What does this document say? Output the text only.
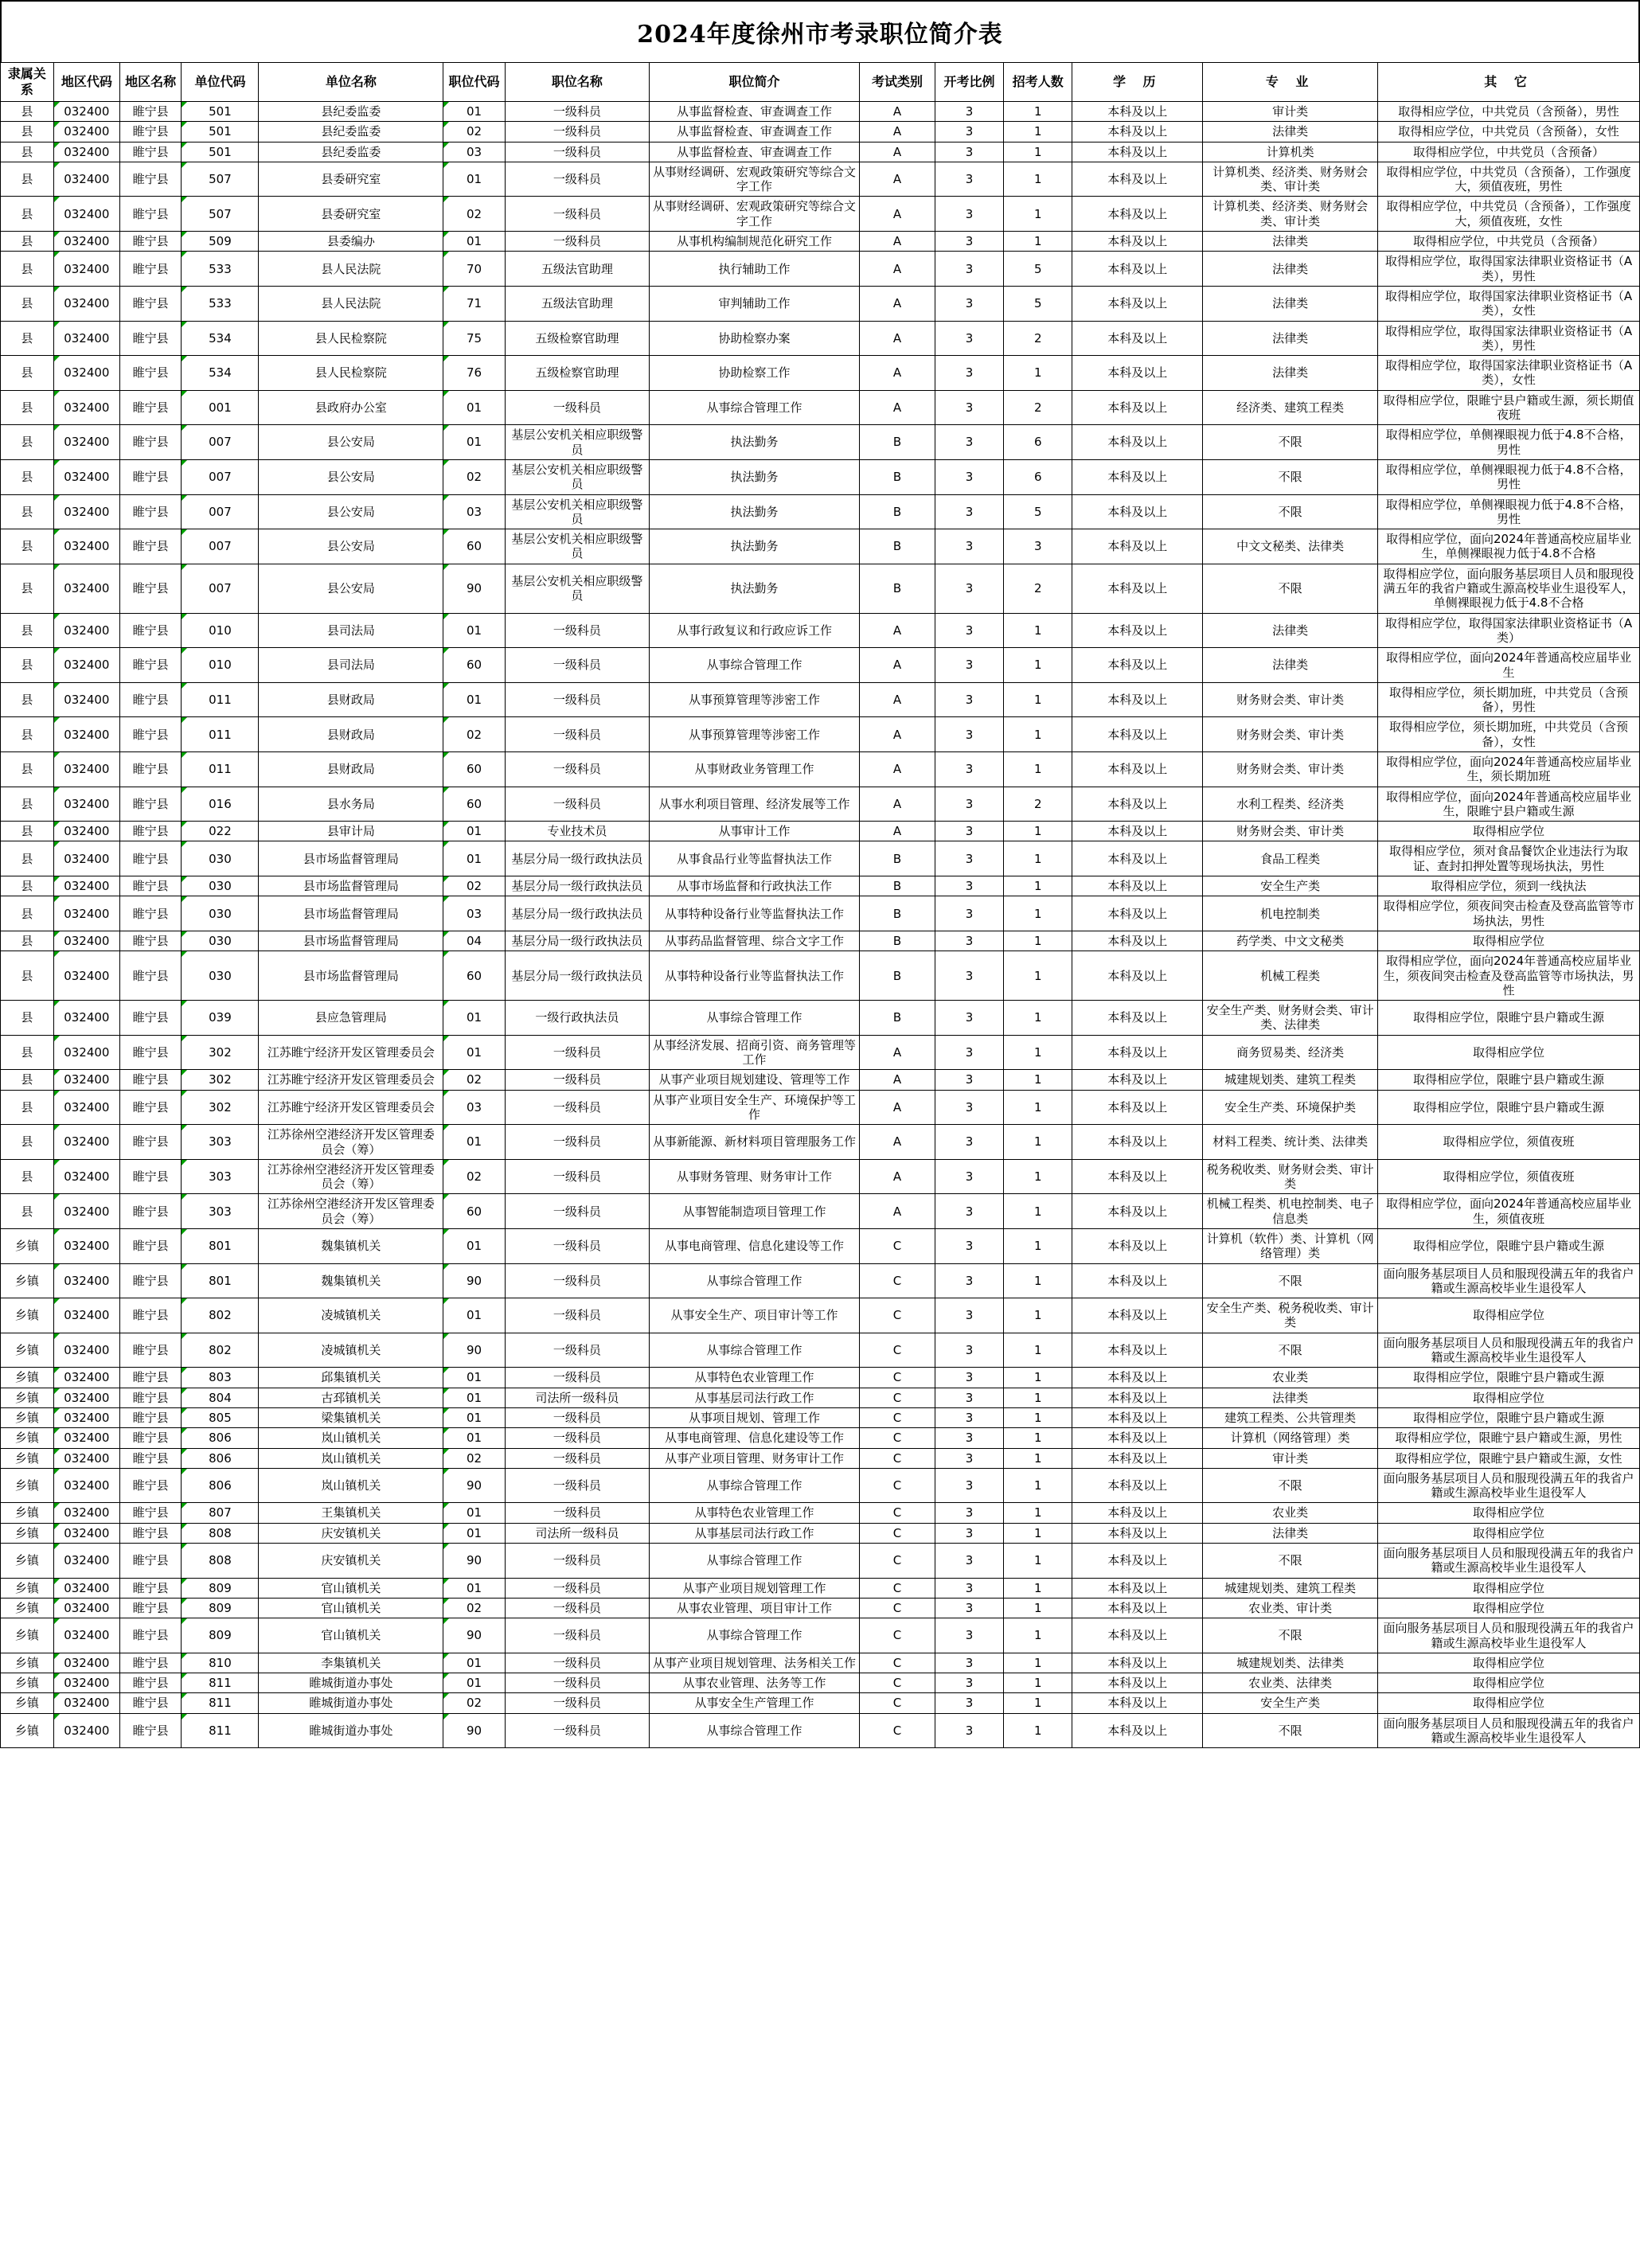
2024年度徐州市考录职位简介表
隶属关系	地区代码	地区名称	单位代码	单位名称	职位代码	职位名称	职位简介	考试类别	开考比例	招考人数	学 历	专 业	其 它
县	032400	睢宁县	501	县纪委监委	01	一级科员	从事监督检查、审查调查工作	A	3	1	本科及以上	审计类	取得相应学位，中共党员（含预备），男性
县	032400	睢宁县	501	县纪委监委	02	一级科员	从事监督检查、审查调查工作	A	3	1	本科及以上	法律类	取得相应学位，中共党员（含预备），女性
县	032400	睢宁县	501	县纪委监委	03	一级科员	从事监督检查、审查调查工作	A	3	1	本科及以上	计算机类	取得相应学位，中共党员（含预备）
县	032400	睢宁县	507	县委研究室	01	一级科员	从事财经调研、宏观政策研究等综合文字工作	A	3	1	本科及以上	计算机类、经济类、财务财会类、审计类	取得相应学位，中共党员（含预备），工作强度大，须值夜班，男性
县	032400	睢宁县	507	县委研究室	02	一级科员	从事财经调研、宏观政策研究等综合文字工作	A	3	1	本科及以上	计算机类、经济类、财务财会类、审计类	取得相应学位，中共党员（含预备），工作强度大，须值夜班，女性
县	032400	睢宁县	509	县委编办	01	一级科员	从事机构编制规范化研究工作	A	3	1	本科及以上	法律类	取得相应学位，中共党员（含预备）
县	032400	睢宁县	533	县人民法院	70	五级法官助理	执行辅助工作	A	3	5	本科及以上	法律类	取得相应学位，取得国家法律职业资格证书（A类），男性
县	032400	睢宁县	533	县人民法院	71	五级法官助理	审判辅助工作	A	3	5	本科及以上	法律类	取得相应学位，取得国家法律职业资格证书（A类），女性
县	032400	睢宁县	534	县人民检察院	75	五级检察官助理	协助检察办案	A	3	2	本科及以上	法律类	取得相应学位，取得国家法律职业资格证书（A类），男性
县	032400	睢宁县	534	县人民检察院	76	五级检察官助理	协助检察工作	A	3	1	本科及以上	法律类	取得相应学位，取得国家法律职业资格证书（A类），女性
县	032400	睢宁县	001	县政府办公室	01	一级科员	从事综合管理工作	A	3	2	本科及以上	经济类、建筑工程类	取得相应学位，限睢宁县户籍或生源，须长期值夜班
县	032400	睢宁县	007	县公安局	01	基层公安机关相应职级警员	执法勤务	B	3	6	本科及以上	不限	取得相应学位，单侧裸眼视力低于4.8不合格，男性
县	032400	睢宁县	007	县公安局	02	基层公安机关相应职级警员	执法勤务	B	3	6	本科及以上	不限	取得相应学位，单侧裸眼视力低于4.8不合格，男性
县	032400	睢宁县	007	县公安局	03	基层公安机关相应职级警员	执法勤务	B	3	5	本科及以上	不限	取得相应学位，单侧裸眼视力低于4.8不合格，男性
县	032400	睢宁县	007	县公安局	60	基层公安机关相应职级警员	执法勤务	B	3	3	本科及以上	中文文秘类、法律类	取得相应学位，面向2024年普通高校应届毕业生，单侧裸眼视力低于4.8不合格
县	032400	睢宁县	007	县公安局	90	基层公安机关相应职级警员	执法勤务	B	3	2	本科及以上	不限	取得相应学位，面向服务基层项目人员和服现役满五年的我省户籍或生源高校毕业生退役军人，单侧裸眼视力低于4.8不合格
县	032400	睢宁县	010	县司法局	01	一级科员	从事行政复议和行政应诉工作	A	3	1	本科及以上	法律类	取得相应学位，取得国家法律职业资格证书（A类）
县	032400	睢宁县	010	县司法局	60	一级科员	从事综合管理工作	A	3	1	本科及以上	法律类	取得相应学位，面向2024年普通高校应届毕业生
县	032400	睢宁县	011	县财政局	01	一级科员	从事预算管理等涉密工作	A	3	1	本科及以上	财务财会类、审计类	取得相应学位，须长期加班，中共党员（含预备），男性
县	032400	睢宁县	011	县财政局	02	一级科员	从事预算管理等涉密工作	A	3	1	本科及以上	财务财会类、审计类	取得相应学位，须长期加班，中共党员（含预备），女性
县	032400	睢宁县	011	县财政局	60	一级科员	从事财政业务管理工作	A	3	1	本科及以上	财务财会类、审计类	取得相应学位，面向2024年普通高校应届毕业生，须长期加班
县	032400	睢宁县	016	县水务局	60	一级科员	从事水利项目管理、经济发展等工作	A	3	2	本科及以上	水利工程类、经济类	取得相应学位，面向2024年普通高校应届毕业生，限睢宁县户籍或生源
县	032400	睢宁县	022	县审计局	01	专业技术员	从事审计工作	A	3	1	本科及以上	财务财会类、审计类	取得相应学位
县	032400	睢宁县	030	县市场监督管理局	01	基层分局一级行政执法员	从事食品行业等监督执法工作	B	3	1	本科及以上	食品工程类	取得相应学位，须对食品餐饮企业违法行为取证、查封扣押处置等现场执法，男性
县	032400	睢宁县	030	县市场监督管理局	02	基层分局一级行政执法员	从事市场监督和行政执法工作	B	3	1	本科及以上	安全生产类	取得相应学位，须到一线执法
县	032400	睢宁县	030	县市场监督管理局	03	基层分局一级行政执法员	从事特种设备行业等监督执法工作	B	3	1	本科及以上	机电控制类	取得相应学位，须夜间突击检查及登高监管等市场执法，男性
县	032400	睢宁县	030	县市场监督管理局	04	基层分局一级行政执法员	从事药品监督管理、综合文字工作	B	3	1	本科及以上	药学类、中文文秘类	取得相应学位
县	032400	睢宁县	030	县市场监督管理局	60	基层分局一级行政执法员	从事特种设备行业等监督执法工作	B	3	1	本科及以上	机械工程类	取得相应学位，面向2024年普通高校应届毕业生，须夜间突击检查及登高监管等市场执法，男性
县	032400	睢宁县	039	县应急管理局	01	一级行政执法员	从事综合管理工作	B	3	1	本科及以上	安全生产类、财务财会类、审计类、法律类	取得相应学位，限睢宁县户籍或生源
县	032400	睢宁县	302	江苏睢宁经济开发区管理委员会	01	一级科员	从事经济发展、招商引资、商务管理等工作	A	3	1	本科及以上	商务贸易类、经济类	取得相应学位
县	032400	睢宁县	302	江苏睢宁经济开发区管理委员会	02	一级科员	从事产业项目规划建设、管理等工作	A	3	1	本科及以上	城建规划类、建筑工程类	取得相应学位，限睢宁县户籍或生源
县	032400	睢宁县	302	江苏睢宁经济开发区管理委员会	03	一级科员	从事产业项目安全生产、环境保护等工作	A	3	1	本科及以上	安全生产类、环境保护类	取得相应学位，限睢宁县户籍或生源
县	032400	睢宁县	303	江苏徐州空港经济开发区管理委员会（筹）	01	一级科员	从事新能源、新材料项目管理服务工作	A	3	1	本科及以上	材料工程类、统计类、法律类	取得相应学位，须值夜班
县	032400	睢宁县	303	江苏徐州空港经济开发区管理委员会（筹）	02	一级科员	从事财务管理、财务审计工作	A	3	1	本科及以上	税务税收类、财务财会类、审计类	取得相应学位，须值夜班
县	032400	睢宁县	303	江苏徐州空港经济开发区管理委员会（筹）	60	一级科员	从事智能制造项目管理工作	A	3	1	本科及以上	机械工程类、机电控制类、电子信息类	取得相应学位，面向2024年普通高校应届毕业生，须值夜班
乡镇	032400	睢宁县	801	魏集镇机关	01	一级科员	从事电商管理、信息化建设等工作	C	3	1	本科及以上	计算机（软件）类、计算机（网络管理）类	取得相应学位，限睢宁县户籍或生源
乡镇	032400	睢宁县	801	魏集镇机关	90	一级科员	从事综合管理工作	C	3	1	本科及以上	不限	面向服务基层项目人员和服现役满五年的我省户籍或生源高校毕业生退役军人
乡镇	032400	睢宁县	802	凌城镇机关	01	一级科员	从事安全生产、项目审计等工作	C	3	1	本科及以上	安全生产类、税务税收类、审计类	取得相应学位
乡镇	032400	睢宁县	802	凌城镇机关	90	一级科员	从事综合管理工作	C	3	1	本科及以上	不限	面向服务基层项目人员和服现役满五年的我省户籍或生源高校毕业生退役军人
乡镇	032400	睢宁县	803	邱集镇机关	01	一级科员	从事特色农业管理工作	C	3	1	本科及以上	农业类	取得相应学位，限睢宁县户籍或生源
乡镇	032400	睢宁县	804	古邳镇机关	01	司法所一级科员	从事基层司法行政工作	C	3	1	本科及以上	法律类	取得相应学位
乡镇	032400	睢宁县	805	梁集镇机关	01	一级科员	从事项目规划、管理工作	C	3	1	本科及以上	建筑工程类、公共管理类	取得相应学位，限睢宁县户籍或生源
乡镇	032400	睢宁县	806	岚山镇机关	01	一级科员	从事电商管理、信息化建设等工作	C	3	1	本科及以上	计算机（网络管理）类	取得相应学位，限睢宁县户籍或生源，男性
乡镇	032400	睢宁县	806	岚山镇机关	02	一级科员	从事产业项目管理、财务审计工作	C	3	1	本科及以上	审计类	取得相应学位，限睢宁县户籍或生源，女性
乡镇	032400	睢宁县	806	岚山镇机关	90	一级科员	从事综合管理工作	C	3	1	本科及以上	不限	面向服务基层项目人员和服现役满五年的我省户籍或生源高校毕业生退役军人
乡镇	032400	睢宁县	807	王集镇机关	01	一级科员	从事特色农业管理工作	C	3	1	本科及以上	农业类	取得相应学位
乡镇	032400	睢宁县	808	庆安镇机关	01	司法所一级科员	从事基层司法行政工作	C	3	1	本科及以上	法律类	取得相应学位
乡镇	032400	睢宁县	808	庆安镇机关	90	一级科员	从事综合管理工作	C	3	1	本科及以上	不限	面向服务基层项目人员和服现役满五年的我省户籍或生源高校毕业生退役军人
乡镇	032400	睢宁县	809	官山镇机关	01	一级科员	从事产业项目规划管理工作	C	3	1	本科及以上	城建规划类、建筑工程类	取得相应学位
乡镇	032400	睢宁县	809	官山镇机关	02	一级科员	从事农业管理、项目审计工作	C	3	1	本科及以上	农业类、审计类	取得相应学位
乡镇	032400	睢宁县	809	官山镇机关	90	一级科员	从事综合管理工作	C	3	1	本科及以上	不限	面向服务基层项目人员和服现役满五年的我省户籍或生源高校毕业生退役军人
乡镇	032400	睢宁县	810	李集镇机关	01	一级科员	从事产业项目规划管理、法务相关工作	C	3	1	本科及以上	城建规划类、法律类	取得相应学位
乡镇	032400	睢宁县	811	睢城街道办事处	01	一级科员	从事农业管理、法务等工作	C	3	1	本科及以上	农业类、法律类	取得相应学位
乡镇	032400	睢宁县	811	睢城街道办事处	02	一级科员	从事安全生产管理工作	C	3	1	本科及以上	安全生产类	取得相应学位
乡镇	032400	睢宁县	811	睢城街道办事处	90	一级科员	从事综合管理工作	C	3	1	本科及以上	不限	面向服务基层项目人员和服现役满五年的我省户籍或生源高校毕业生退役军人
